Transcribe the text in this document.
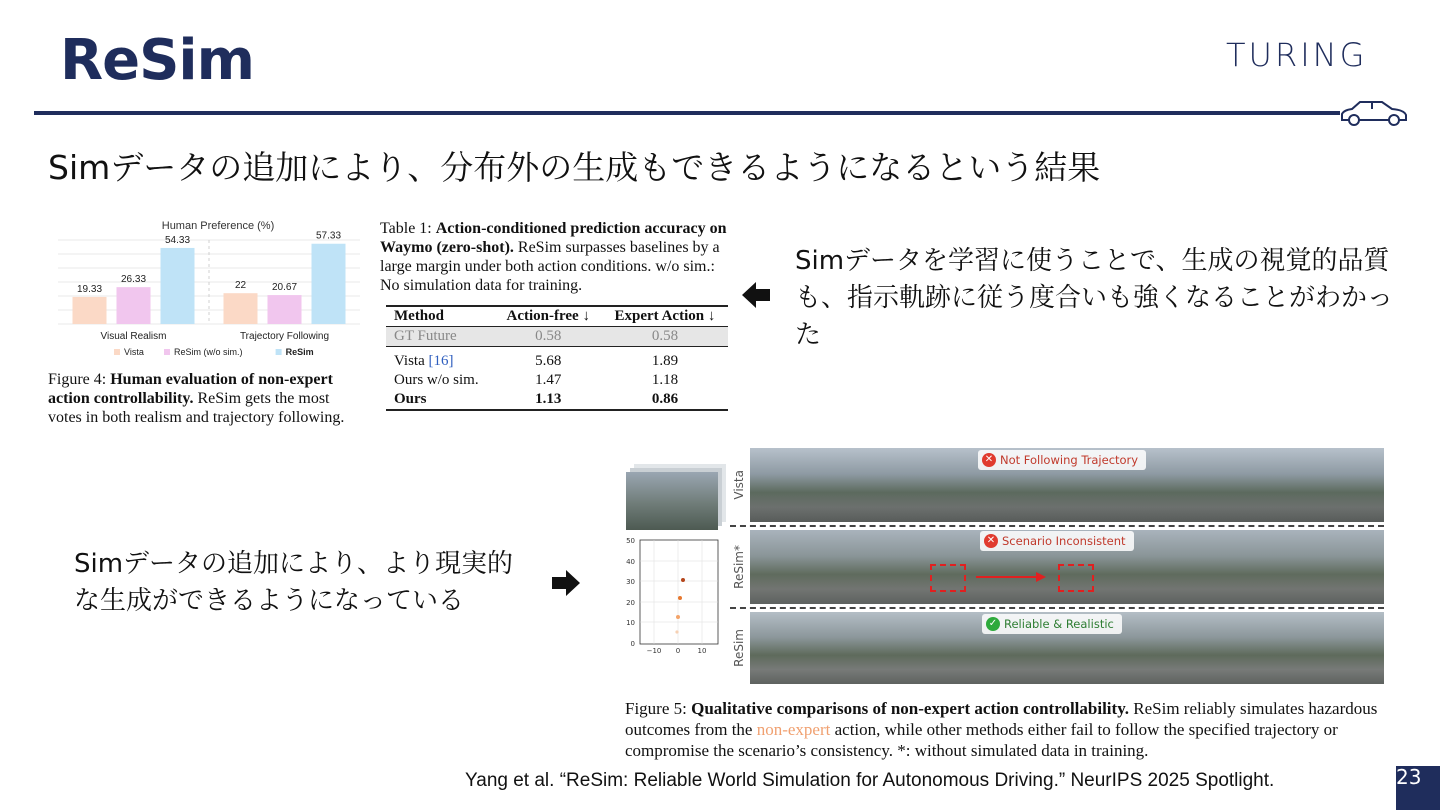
ReSim	TURING
Simデータの追加により、分布外の生成もできるようになるという結果
Human Preference (%)
19.33
26.33
54.33
22	20.67
57.33
Visual Realism	Trajectory Following
Vista	ReSim (w/o sim.)	ReSim
Figure 4: Human evaluation of non-expert action controllability. ReSim gets the most votes in both realism and trajectory following.
Table 1: Action-conditioned prediction accuracy on Waymo (zero-shot). ReSim surpasses baselines by a large margin under both action conditions. w/o sim.: No simulation data for training.
Method	Action-free ↓	Expert Action ↓
GT Future	0.58	0.58
Vista [16]	5.68	1.89
Ours w/o sim.	1.47	1.18
Ours	1.13	0.86
Simデータを学習に使うことで、生成の視覚的品質も、指示軌跡に従う度合いも強くなることがわかった
Simデータの追加により、より現実的な生成ができるようになっている
50
40
30
20
10
0
−10 0 10
Vista
✕ Not Following Trajectory
ReSim*
✕ Scenario Inconsistent
ReSim
✓ Reliable & Realistic
Figure 5: Qualitative comparisons of non-expert action controllability. ReSim reliably simulates hazardous outcomes from the non-expert action, while other methods either fail to follow the specified trajectory or compromise the scenario’s consistency. *: without simulated data in training.
Yang et al. “ReSim: Reliable World Simulation for Autonomous Driving.” NeurIPS 2025 Spotlight.	23
